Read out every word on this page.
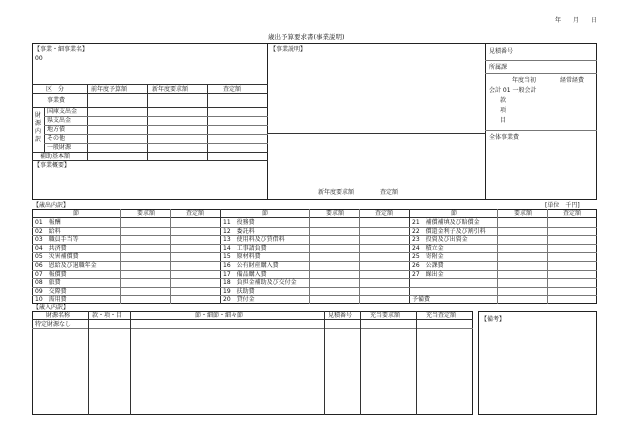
年 月 日
歳出予算要求書(事業説明)
【事業・細事業名】
00
【事業説明】	見積番号
所属課
年度当初	経常経費
会計 01 一般会計
款
項
目
全体事業費
区　分	前年度予算額	新年度要求額	査定額
事業費
財源内訳
国庫支出金
県支出金
地方債
その他
一般財源
補助基本額
【事業概要】
新年度要求額	査定額
【歳出内訳】	[単位　千円]
節	要求額	査定額	節	要求額	査定額	節	要求額	査定額
01　報酬	11　役務費	21　補償補填及び賠償金
02　給料	12　委託料	22　償還金利子及び割引料
03　職員手当等	13　使用料及び賃借料	23　投資及び出資金
04　共済費	14　工事請負費	24　積立金
05　災害補償費	15　原材料費	25　寄附金
06　恩給及び退職年金	16　公有財産購入費	26　公課費
07　報償費	17　備品購入費	27　繰出金
08　旅費	18　負担金補助及び交付金
09　交際費	19　扶助費
10　需用費	20　貸付金	予備費
【歳入内訳】
財源名称	款・項・目	節・細節・細々節	見積番号	充当要求額	充当査定額
特定財源なし
【備考】
